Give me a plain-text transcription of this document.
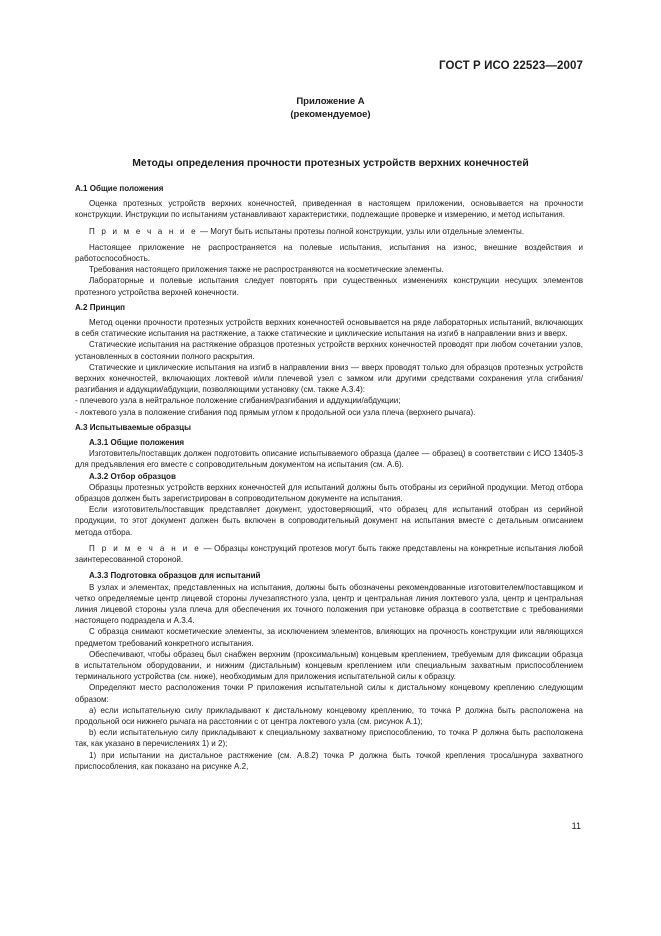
ГОСТ Р ИСО 22523—2007
Приложение А
(рекомендуемое)
Методы определения прочности протезных устройств верхних конечностей

А.1 Общие положения

Оценка протезных устройств верхних конечностей, приведенная в настоящем приложении, основывается на прочности конструкции. Инструкции по испытаниям устанавливают характеристики, подлежащие проверке и измерению, и метод испытания.

П р и м е ч а н и е — Могут быть испытаны протезы полной конструкции, узлы или отдельные элементы.

Настоящее приложение не распространяется на полевые испытания, испытания на износ, внешние воздействия и работоспособность.

Требования настоящего приложения также не распространяются на косметические элементы.

Лабораторные и полевые испытания следует повторять при существенных изменениях конструкции несущих элементов протезного устройства верхней конечности.

А.2 Принцип

Метод оценки прочности протезных устройств верхних конечностей основывается на ряде лабораторных испытаний, включающих в себя статические испытания на растяжение, а также статические и циклические испытания на изгиб в направлении вниз и вверх.

Статические испытания на растяжение образцов протезных устройств верхних конечностей проводят при любом сочетании узлов, установленных в состоянии полного раскрытия.

Статические и циклические испытания на изгиб в направлении вниз — вверх проводят только для образцов протезных устройств верхних конечностей, включающих локтевой и/или плечевой узел с замком или другими средствами сохранения угла сгибания/разгибания и аддукции/абдукции, позволяющими установку (см. также А.3.4):

- плечевого узла в нейтральное положение сгибания/разгибания и аддукции/абдукции;

- локтевого узла в положение сгибания под прямым углом к продольной оси узла плеча (верхнего рычага).

А.3 Испытываемые образцы

А.3.1 Общие положения

Изготовитель/поставщик должен подготовить описание испытываемого образца (далее — образец) в соответствии с ИСО 13405-3 для предъявления его вместе с сопроводительным документом на испытания (см. А.6).

А.3.2 Отбор образцов

Образцы протезных устройств верхних конечностей для испытаний должны быть отобраны из серийной продукции. Метод отбора образцов должен быть зарегистрирован в сопроводительном документе на испытания.

Если изготовитель/поставщик представляет документ, удостоверяющий, что образец для испытаний отобран из серийной продукции, то этот документ должен быть включен в сопроводительный документ на испытания вместе с детальным описанием метода отбора.

П р и м е ч а н и е — Образцы конструкций протезов могут быть также представлены на конкретные испытания любой заинтересованной стороной.

А.3.3 Подготовка образцов для испытаний

В узлах и элементах, представленных на испытания, должны быть обозначены рекомендованные изготовителем/поставщиком и четко определяемые центр лицевой стороны лучезапястного узла, центр и центральная линия локтевого узла, центр и центральная линия лицевой стороны узла плеча для обеспечения их точного положения при установке образца в соответствие с требованиями настоящего подраздела и А.3.4.

С образца снимают косметические элементы, за исключением элементов, влияющих на прочность конструкции или являющихся предметом требований конкретного испытания.

Обеспечивают, чтобы образец был снабжен верхним (проксимальным) концевым креплением, требуемым для фиксации образца в испытательном оборудовании, и нижним (дистальным) концевым креплением или специальным захватным приспособлением терминального устройства (см. ниже), необходимым для приложения испытательной силы к образцу.

Определяют место расположения точки P приложения испытательной силы к дистальному концевому креплению следующим образом:

а) если испытательную силу прикладывают к дистальному концевому креплению, то точка P должна быть расположена на продольной оси нижнего рычага на расстоянии c от центра локтевого узла (см. рисунок А.1);

b) если испытательную силу прикладывают к специальному захватному приспособлению, то точка P должна быть расположена так, как указано в перечислениях 1) и 2);

1) при испытании на дистальное растяжение (см. А.8.2) точка P должна быть точкой крепления троса/шнура захватного приспособления, как показано на рисунке А.2,

11
